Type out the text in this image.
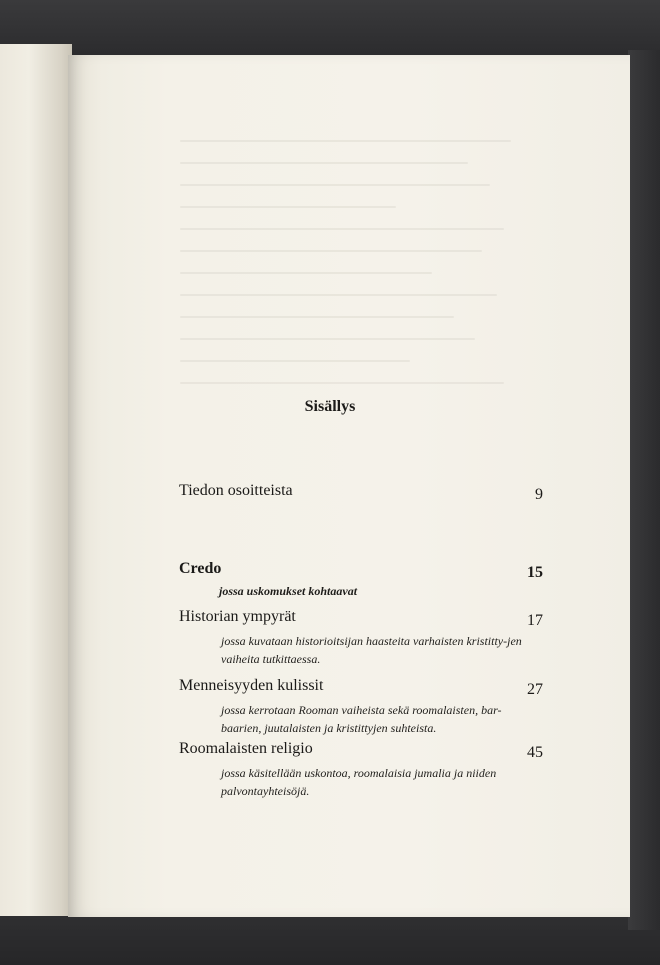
Sisällys
Tiedon osoitteista	9
Credo	15
jossa uskomukset kohtaavat
Historian ympyrät	17
jossa kuvataan historioitsijan haasteita varhaisten kristitty-jen vaiheita tutkittaessa.
Menneisyyden kulissit	27
jossa kerrotaan Rooman vaiheista sekä roomalaisten, bar-baarien, juutalaisten ja kristittyjen suhteista.
Roomalaisten religio	45
jossa käsitellään uskontoa, roomalaisia jumalia ja niiden palvontayhteisöjä.
